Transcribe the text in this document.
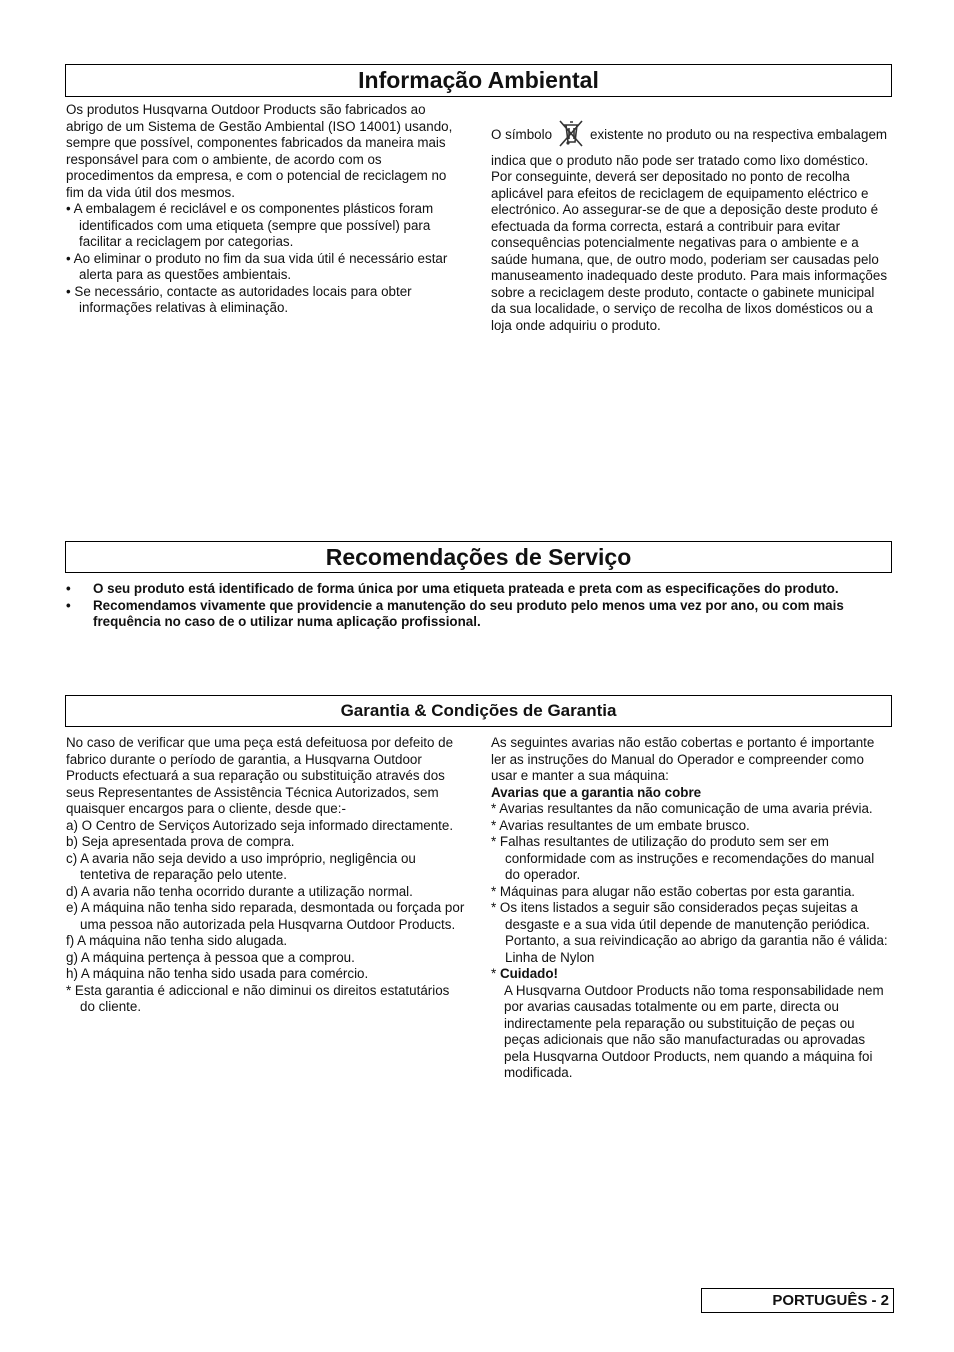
Informação Ambiental

Os produtos Husqvarna Outdoor Products são fabricados ao abrigo de um Sistema de Gestão Ambiental (ISO 14001) usando, sempre que possível, componentes fabricados da maneira mais responsável para com o ambiente, de acordo com os procedimentos da empresa, e com o potencial de reciclagem no fim da vida útil dos mesmos.

• A embalagem é reciclável e os componentes plásticos foram identificados com uma etiqueta (sempre que possível) para facilitar a reciclagem por categorias.

• Ao eliminar o produto no fim da sua vida útil é necessário estar alerta para as questões ambientais.

• Se necessário, contacte as autoridades locais para obter informações relativas à eliminação.

O símbolo	existente no produto ou na respectiva embalagem indica que o produto não pode ser tratado como lixo doméstico. Por conseguinte, deverá ser depositado no ponto de recolha aplicável para efeitos de reciclagem de equipamento eléctrico e electrónico. Ao assegurar-se de que a deposição deste produto é efectuada da forma correcta, estará a contribuir para evitar consequências potencialmente negativas para o ambiente e a saúde humana, que, de outro modo, poderiam ser causadas pelo manuseamento inadequado deste produto. Para mais informações sobre a reciclagem deste produto, contacte o gabinete municipal da sua localidade, o serviço de recolha de lixos domésticos ou a loja onde adquiriu o produto.

Recomendações de Serviço
•	O seu produto está identificado de forma única por uma etiqueta prateada e preta com as especificações do produto.
•	Recomendamos vivamente que providencie a manutenção do seu produto pelo menos uma vez por ano, ou com mais frequência no caso de o utilizar numa aplicação profissional.
Garantia & Condições de Garantia

No caso de verificar que uma peça está defeituosa por defeito de fabrico durante o período de garantia, a Husqvarna Outdoor Products efectuará a sua reparação ou substituição através dos seus Representantes de Assistência Técnica Autorizados, sem quaisquer encargos para o cliente, desde que:-

a) O Centro de Serviços Autorizado seja informado directamente.

b) Seja apresentada prova de compra.

c) A avaria não seja devido a uso impróprio, negligência ou tentetiva de reparação pelo utente.

d) A avaria não tenha ocorrido durante a utilização normal.

e) A máquina não tenha sido reparada, desmontada ou forçada por uma pessoa não autorizada pela Husqvarna Outdoor Products.

f) A máquina não tenha sido alugada.

g) A máquina pertença à pessoa que a comprou.

h) A máquina não tenha sido usada para comércio.

* Esta garantia é adiccional e não diminui os direitos estatutários do cliente.

As seguintes avarias não estão cobertas e portanto é importante ler as instruções do Manual do Operador e compreender como usar e manter a sua máquina:

Avarias que a garantia não cobre

* Avarias resultantes da não comunicação de uma avaria prévia.

* Avarias resultantes de um embate brusco.

* Falhas resultantes de utilização do produto sem ser em conformidade com as instruções e recomendações do manual do operador.

* Máquinas para alugar não estão cobertas por esta garantia.

* Os itens listados a seguir são considerados peças sujeitas a desgaste e a sua vida útil depende de manutenção periódica. Portanto, a sua reivindicação ao abrigo da garantia não é válida: Linha de Nylon

* Cuidado!

A Husqvarna Outdoor Products não toma responsabilidade nem por avarias causadas totalmente ou em parte, directa ou indirectamente pela reparação ou substituição de peças ou peças adicionais que não são manufacturadas ou aprovadas pela Husqvarna Outdoor Products, nem quando a máquina foi modificada.

PORTUGUÊS - 2
